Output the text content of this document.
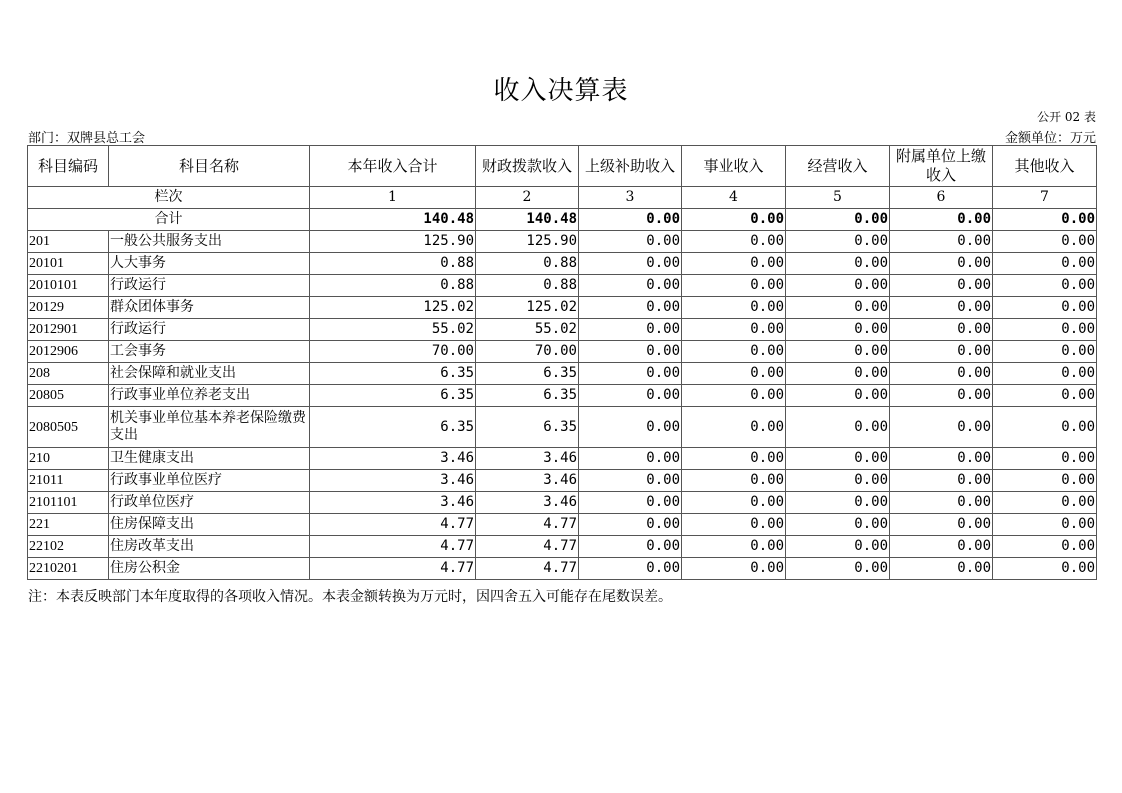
收入决算表
公开 02 表
部门：双牌县总工会	金额单位：万元
科目编码	科目名称	本年收入合计	财政拨款收入	上级补助收入	事业收入	经营收入	附属单位上缴收入	其他收入
栏次		1	2	3	4	5	6	7
合计		140.48	140.48	0.00	0.00	0.00	0.00	0.00
201	一般公共服务支出	125.90	125.90	0.00	0.00	0.00	0.00	0.00
20101	人大事务	0.88	0.88	0.00	0.00	0.00	0.00	0.00
2010101	行政运行	0.88	0.88	0.00	0.00	0.00	0.00	0.00
20129	群众团体事务	125.02	125.02	0.00	0.00	0.00	0.00	0.00
2012901	行政运行	55.02	55.02	0.00	0.00	0.00	0.00	0.00
2012906	工会事务	70.00	70.00	0.00	0.00	0.00	0.00	0.00
208	社会保障和就业支出	6.35	6.35	0.00	0.00	0.00	0.00	0.00
20805	行政事业单位养老支出	6.35	6.35	0.00	0.00	0.00	0.00	0.00
2080505	机关事业单位基本养老保险缴费支出	6.35	6.35	0.00	0.00	0.00	0.00	0.00
210	卫生健康支出	3.46	3.46	0.00	0.00	0.00	0.00	0.00
21011	行政事业单位医疗	3.46	3.46	0.00	0.00	0.00	0.00	0.00
2101101	行政单位医疗	3.46	3.46	0.00	0.00	0.00	0.00	0.00
221	住房保障支出	4.77	4.77	0.00	0.00	0.00	0.00	0.00
22102	住房改革支出	4.77	4.77	0.00	0.00	0.00	0.00	0.00
2210201	住房公积金	4.77	4.77	0.00	0.00	0.00	0.00	0.00
注：本表反映部门本年度取得的各项收入情况。本表金额转换为万元时，因四舍五入可能存在尾数误差。
